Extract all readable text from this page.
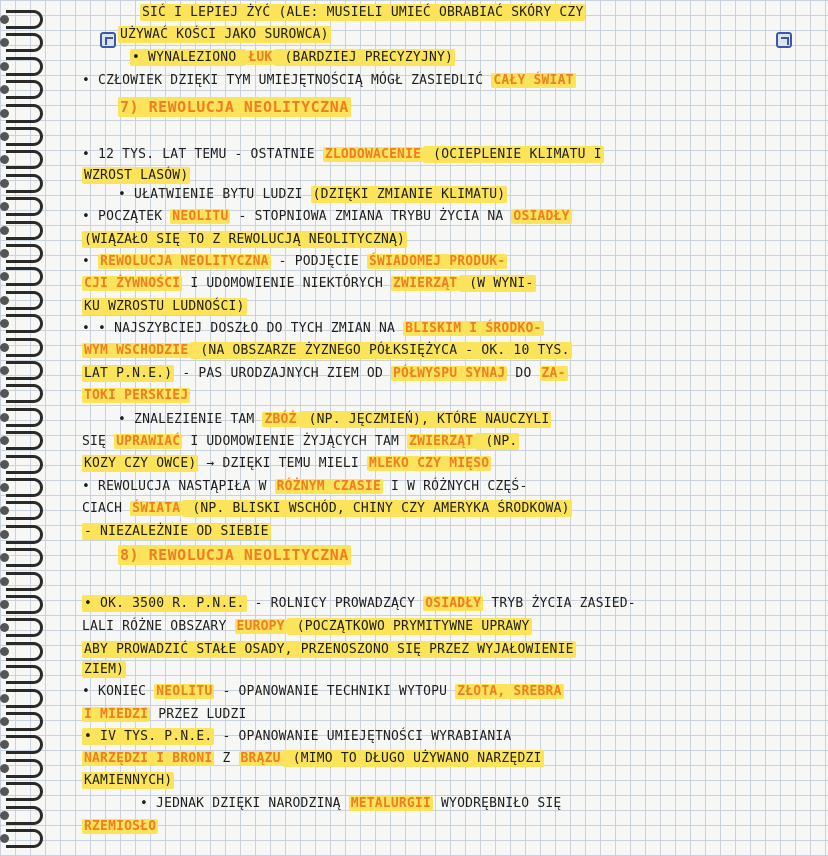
7) REWOLUCJA NEOLITYCZNA
8) REWOLUCJA NEOLITYCZNA
SIĆ I LEPIEJ ŻYĆ (ALE: MUSIELI UMIEĆ OBRABIAĆ SKÓRY CZY
UŻYWAĆ KOŚCI JAKO SUROWCA)
• WYNALEZIONO ŁUK (BARDZIEJ PRECYZYJNY)
• CZŁOWIEK DZIĘKI TYM UMIEJĘTNOŚCIĄ MÓGŁ ZASIEDLIĆ CAŁY ŚWIAT
• 12 TYS. LAT TEMU - OSTATNIE ZLODOWACENIE (OCIEPLENIE KLIMATU I
WZROST LASÓW)
• UŁATWIENIE BYTU LUDZI (DZIĘKI ZMIANIE KLIMATU)
• POCZĄTEK NEOLITU - STOPNIOWA ZMIANA TRYBU ŻYCIA NA OSIADŁY
(WIĄZAŁO SIĘ TO Z REWOLUCJĄ NEOLITYCZNĄ)
• REWOLUCJA NEOLITYCZNA - PODJĘCIE ŚWIADOMEJ PRODUK-
CJI ŻYWNOŚCI I UDOMOWIENIE NIEKTÓRYCH ZWIERZĄT (W WYNI-
KU WZROSTU LUDNOŚCI)
• • NAJSZYBCIEJ DOSZŁO DO TYCH ZMIAN NA BLISKIM I ŚRODKO-
WYM WSCHODZIE (NA OBSZARZE ŻYZNEGO PÓŁKSIĘŻYCA - OK. 10 TYS.
LAT P.N.E.) - PAS URODZAJNYCH ZIEM OD PÓŁWYSPU SYNAJ DO ZA-
TOKI PERSKIEJ
• ZNALEZIENIE TAM ZBÓŻ (NP. JĘCZMIEŃ), KTÓRE NAUCZYLI
SIĘ UPRAWIAĆ I UDOMOWIENIE ŻYJĄCYCH TAM ZWIERZĄT (NP.
KOZY CZY OWCE) → DZIĘKI TEMU MIELI MLEKO CZY MIĘSO
• REWOLUCJA NASTĄPIŁA W RÓŻNYM CZASIE I W RÓŻNYCH CZĘŚ-
CIACH ŚWIATA (NP. BLISKI WSCHÓD, CHINY CZY AMERYKA ŚRODKOWA)
- NIEZALEŻNIE OD SIEBIE
• OK. 3500 R. P.N.E. - ROLNICY PROWADZĄCY OSIADŁY TRYB ŻYCIA ZASIED-
LALI RÓŻNE OBSZARY EUROPY (POCZĄTKOWO PRYMITYWNE UPRAWY
ABY PROWADZIĆ STAŁE OSADY, PRZENOSZONO SIĘ PRZEZ WYJAŁOWIENIE
ZIEM)
• KONIEC NEOLITU - OPANOWANIE TECHNIKI WYTOPU ZŁOTA, SREBRA
I MIEDZI PRZEZ LUDZI
• IV TYS. P.N.E. - OPANOWANIE UMIEJĘTNOŚCI WYRABIANIA
NARZĘDZI I BRONI Z BRĄZU (MIMO TO DŁUGO UŻYWANO NARZĘDZI
KAMIENNYCH)
• JEDNAK DZIĘKI NARODZINĄ METALURGII WYODRĘBNIŁO SIĘ
RZEMIOSŁO
